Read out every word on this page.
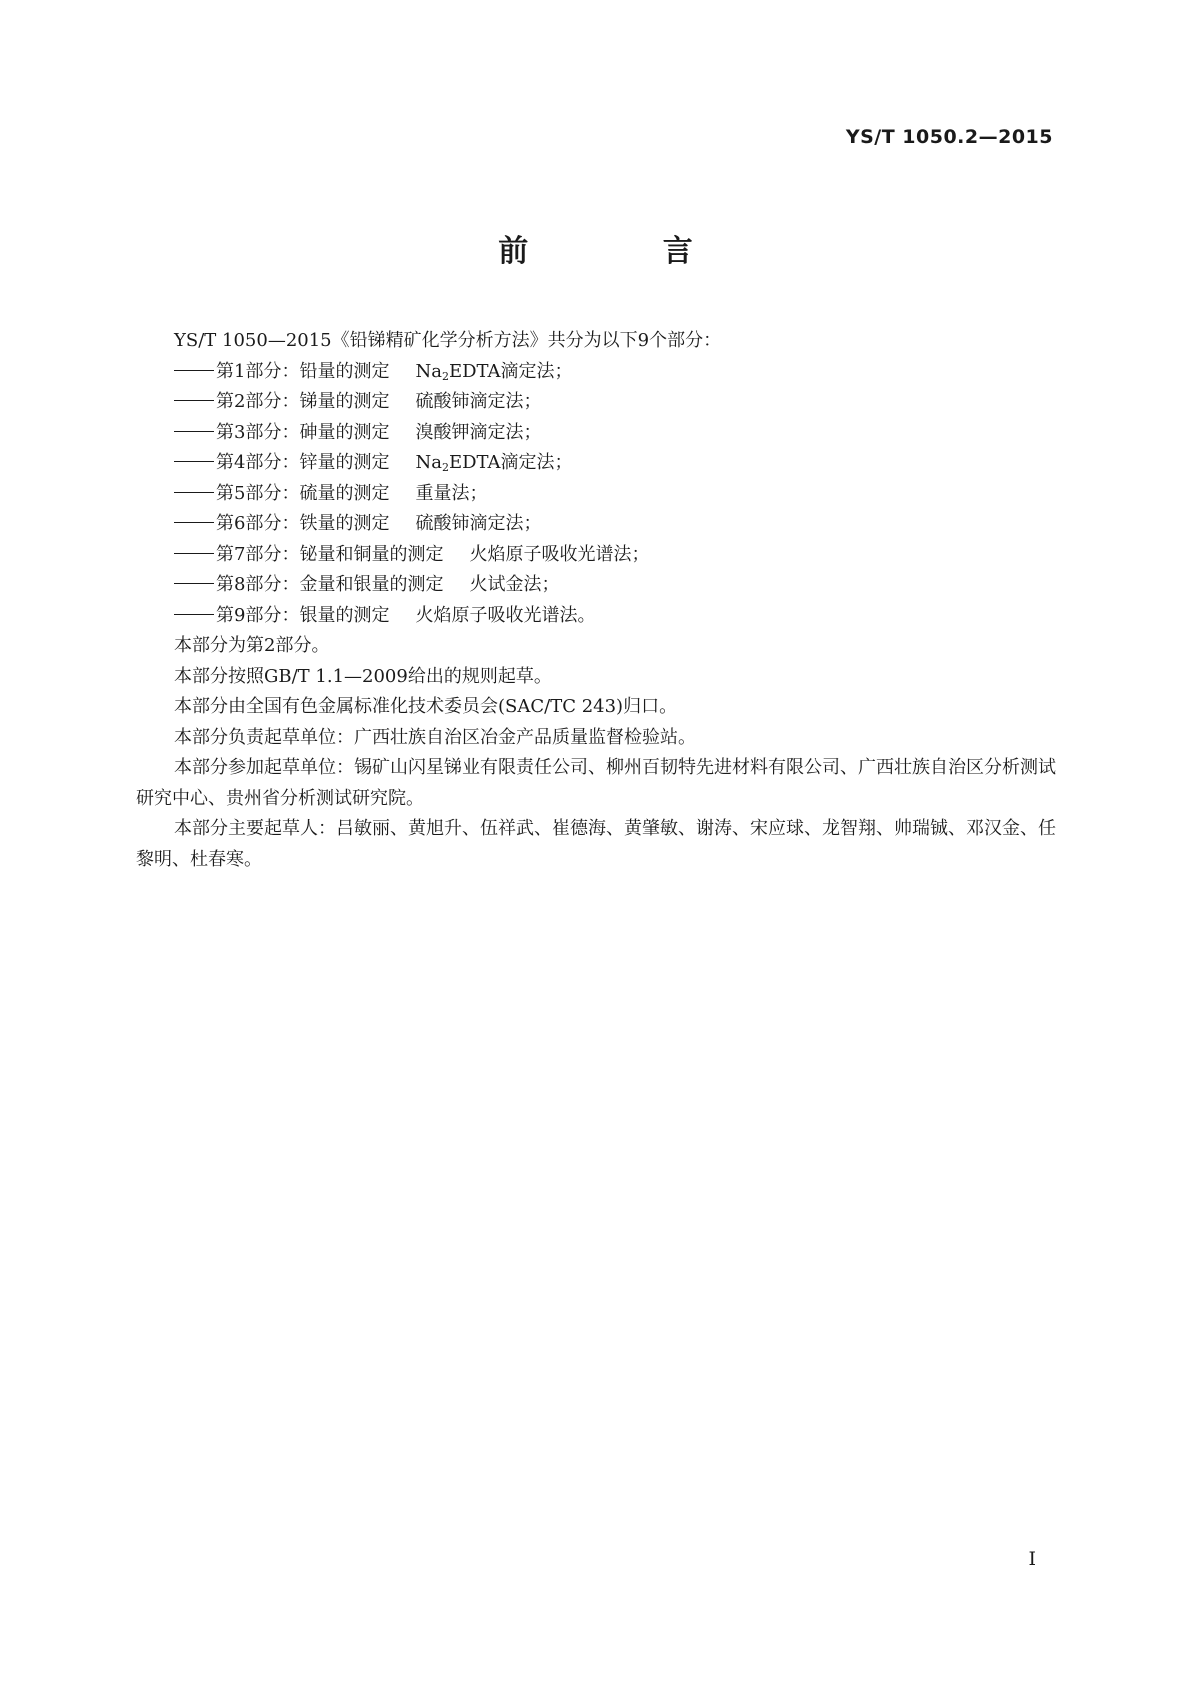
YS/T 1050.2—2015
前 言

YS/T 1050—2015《铅锑精矿化学分析方法》共分为以下9个部分：

第1部分：铅量的测定 $Na_2EDTA$滴定法；
第2部分：锑量的测定 硫酸铈滴定法；
第3部分：砷量的测定 溴酸钾滴定法；
第4部分：锌量的测定 $Na_2EDTA$滴定法；
第5部分：硫量的测定 重量法；
第6部分：铁量的测定 硫酸铈滴定法；
第7部分：铋量和铜量的测定 火焰原子吸收光谱法；
第8部分：金量和银量的测定 火试金法；
第9部分：银量的测定 火焰原子吸收光谱法。

本部分为第2部分。

本部分按照GB/T 1.1—2009给出的规则起草。

本部分由全国有色金属标准化技术委员会(SAC/TC 243)归口。

本部分负责起草单位：广西壮族自治区冶金产品质量监督检验站。

本部分参加起草单位：锡矿山闪星锑业有限责任公司、柳州百韧特先进材料有限公司、广西壮族自治区分析测试研究中心、贵州省分析测试研究院。

本部分主要起草人：吕敏丽、黄旭升、伍祥武、崔德海、黄肇敏、谢涛、宋应球、龙智翔、帅瑞铖、邓汉金、任黎明、杜春寒。

I
